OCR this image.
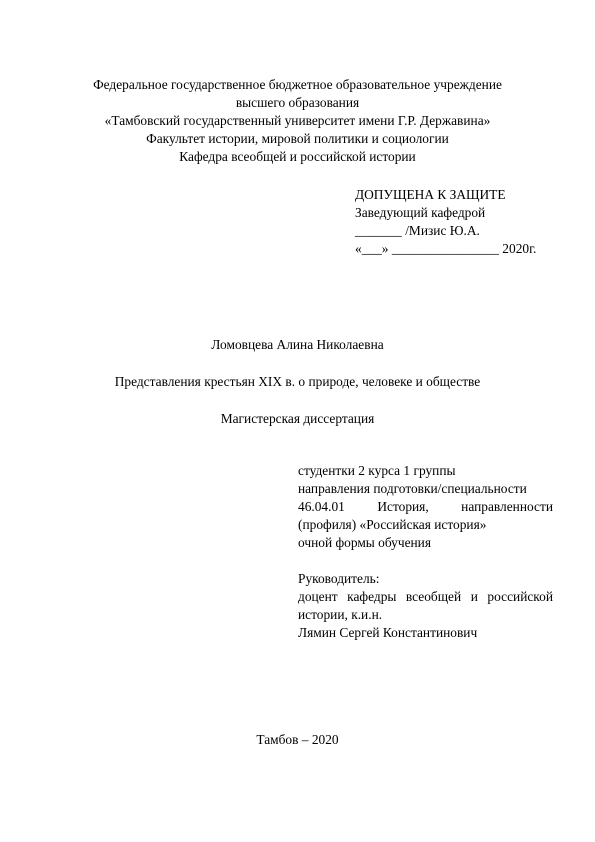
Федеральное государственное бюджетное образовательное учреждение
высшего образования
«Тамбовский государственный университет имени Г.Р. Державина»
Факультет истории, мировой политики и социологии
Кафедра всеобщей и российской истории
ДОПУЩЕНА К ЗАЩИТЕ
Заведующий кафедрой
_______ /Мизис Ю.А.
«___» ________________ 2020г.
Ломовцева Алина Николаевна
Представления крестьян XIX в. о природе, человеке и обществе
Магистерская диссертация
студентки 2 курса 1 группы
направления подготовки/специальности
46.04.01 История, направленности
(профиля) «Российская история»
очной формы обучения
Руководитель:
доцент кафедры всеобщей и российской
истории, к.и.н.
Лямин Сергей Константинович
Тамбов – 2020
